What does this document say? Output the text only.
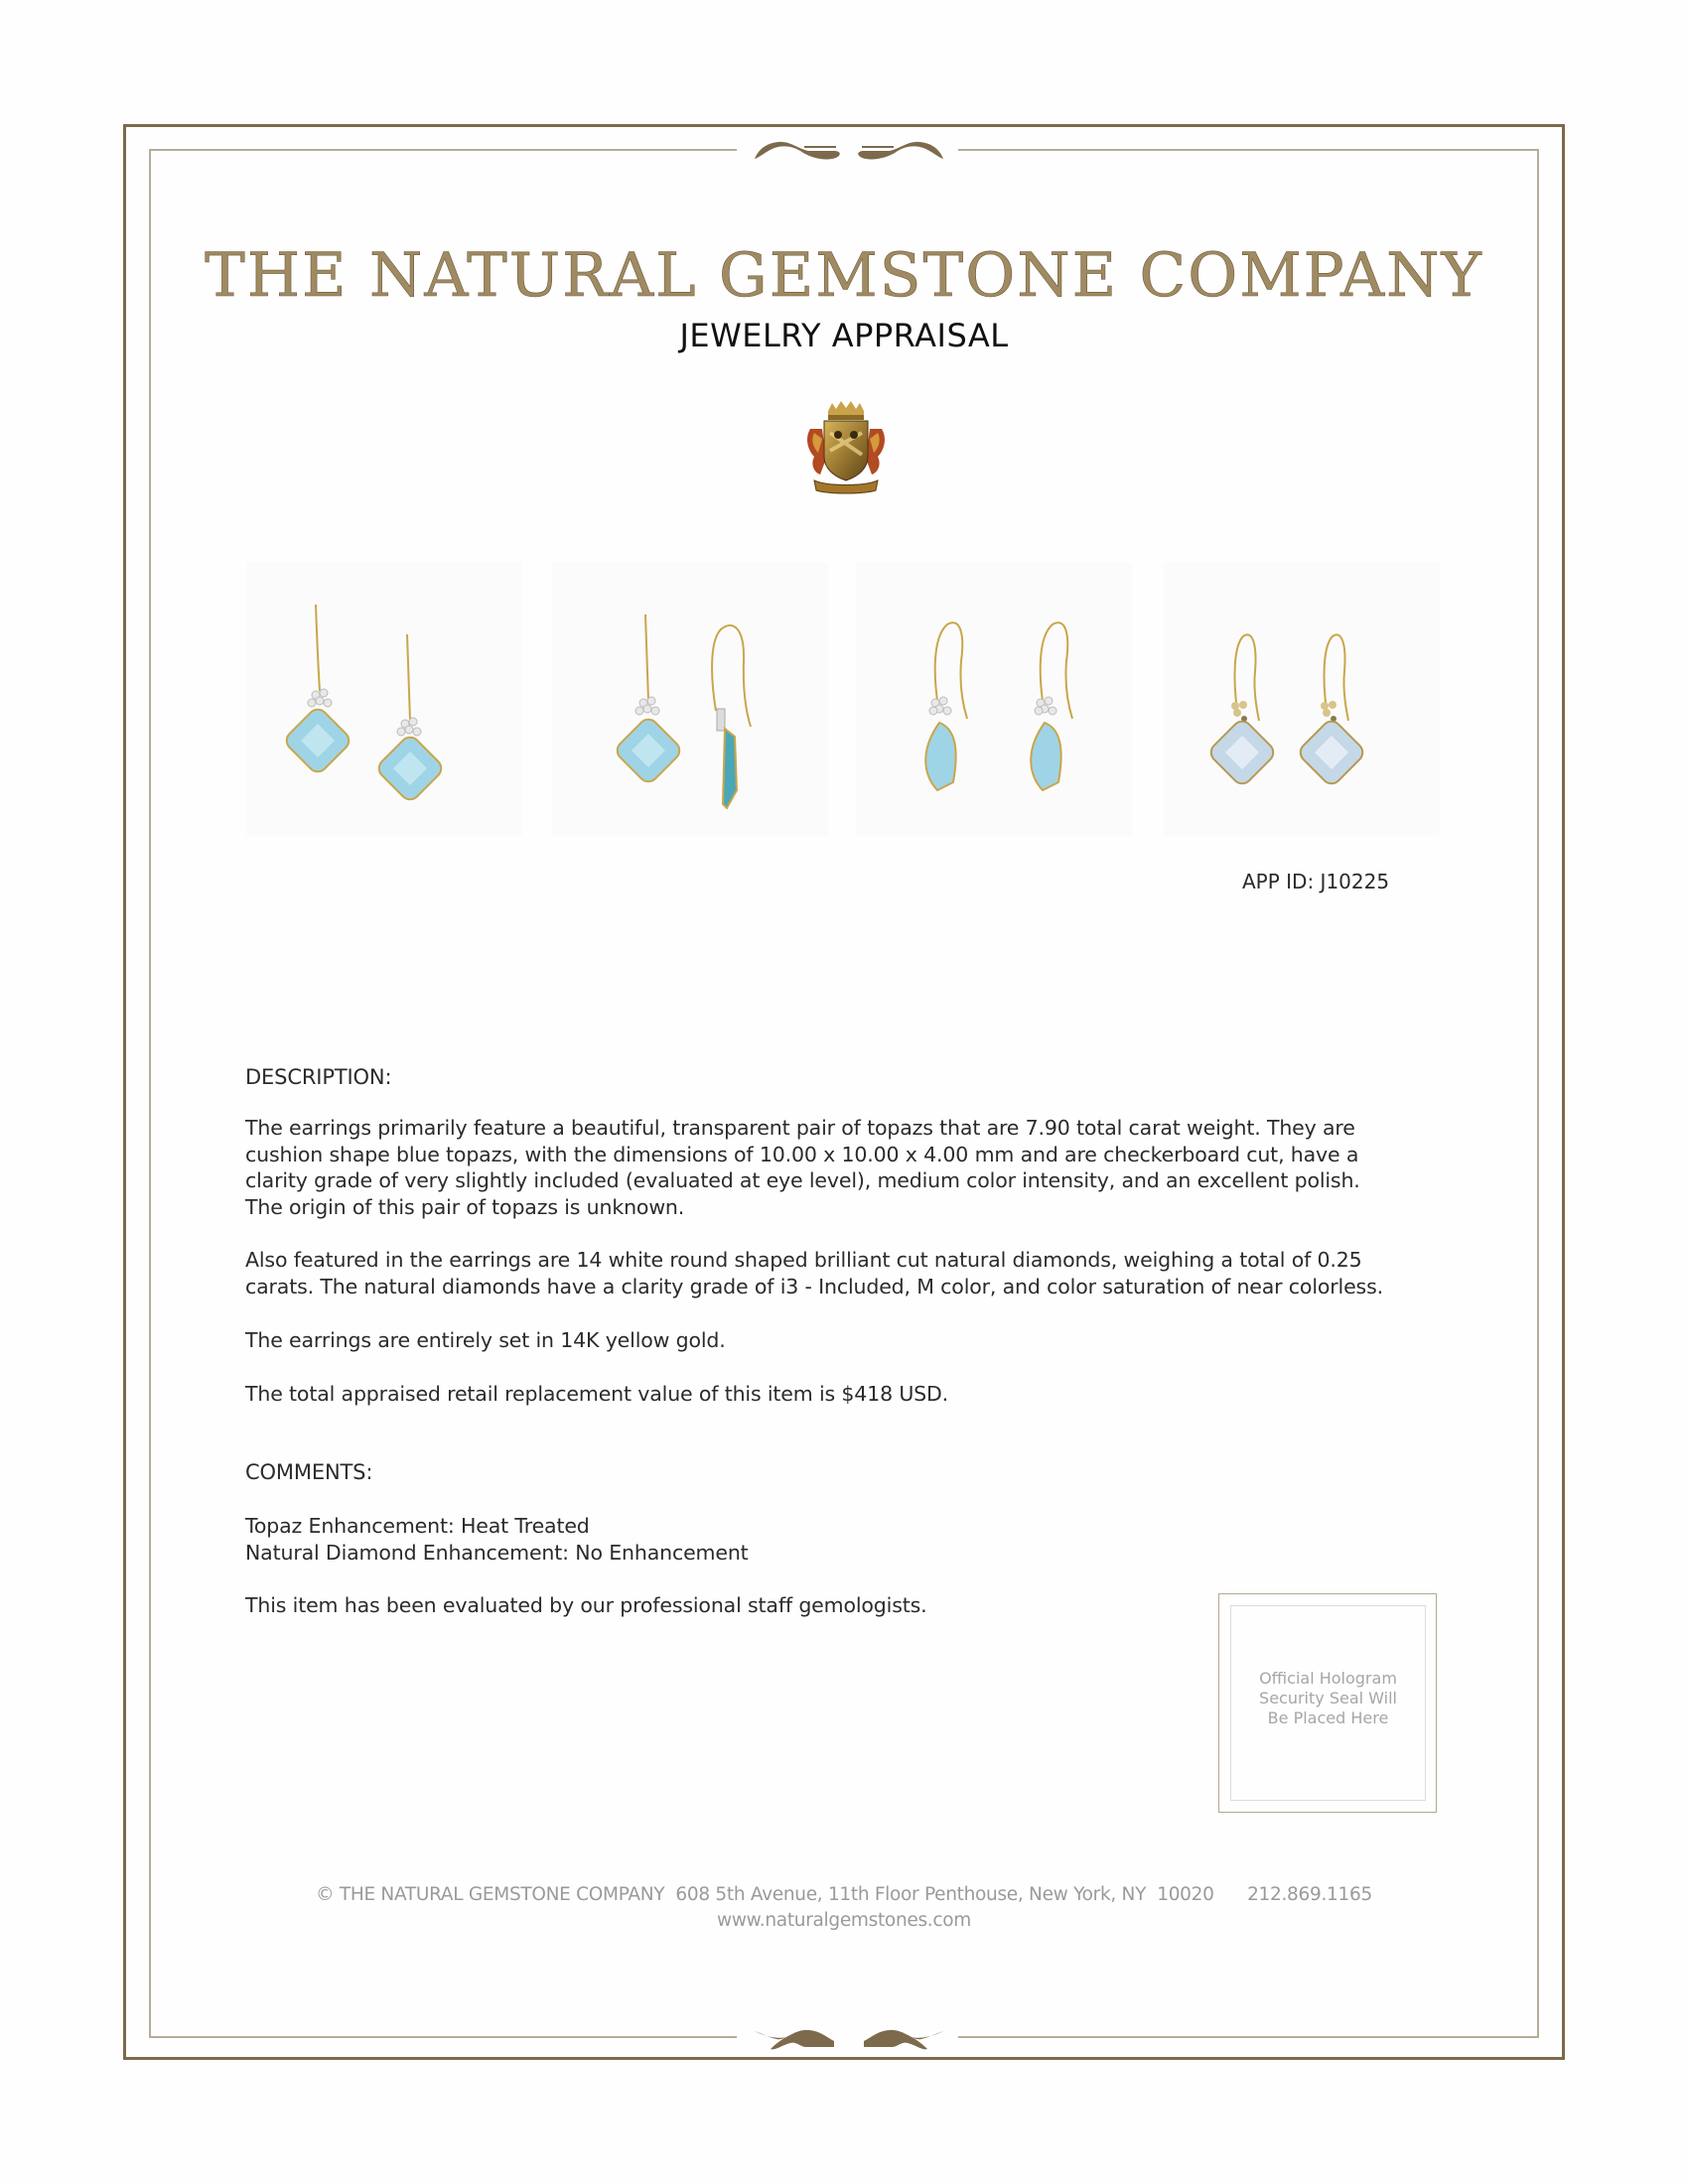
THE NATURAL GEMSTONE COMPANY
JEWELRY APPRAISAL
APP ID: J10225
DESCRIPTION:
The earrings primarily feature a beautiful, transparent pair of topazs that are 7.90 total carat weight. They are
cushion shape blue topazs, with the dimensions of 10.00 x 10.00 x 4.00 mm and are checkerboard cut, have a
clarity grade of very slightly included (evaluated at eye level), medium color intensity, and an excellent polish.
The origin of this pair of topazs is unknown.
Also featured in the earrings are 14 white round shaped brilliant cut natural diamonds, weighing a total of 0.25
carats. The natural diamonds have a clarity grade of i3 - Included, M color, and color saturation of near colorless.
The earrings are entirely set in 14K yellow gold.
The total appraised retail replacement value of this item is $418 USD.
COMMENTS:
Topaz Enhancement: Heat Treated
Natural Diamond Enhancement: No Enhancement
This item has been evaluated by our professional staff gemologists.
Official Hologram
Security Seal Will
Be Placed Here
© THE NATURAL GEMSTONE COMPANY  608 5th Avenue, 11th Floor Penthouse, New York, NY  10020      212.869.1165
www.naturalgemstones.com
